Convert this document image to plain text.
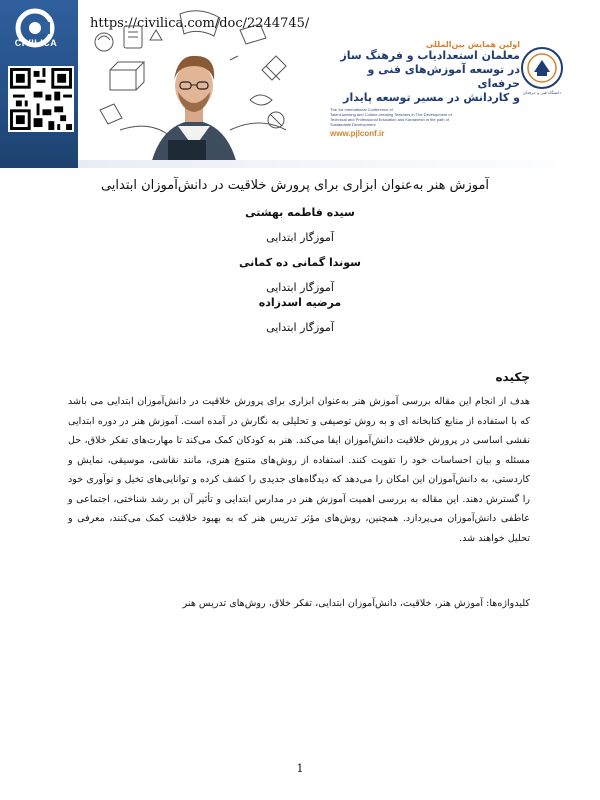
CIVILICA
https://civilica.com/doc/2244745/
اولین همایش بین‌المللی
معلمان استعدادیاب و فرهنگ ساز
در توسعه آموزش‌های فنی و حرفه‌ای
و کاردانش در مسیر توسعه پایدار
The 1st International Conference of
Talent-seeking and Culture-creating Teachers in The Development of
Technical and Professional Education and Kardanesh in the path of
Sustainable Development
www.pjlconf.ir
دانشگاه فنی و حرفه‌ای
آموزش هنر به‌عنوان ابزاری برای پرورش خلاقیت در دانش‌آموزان ابتدایی
سیده فاطمه بهشتی
آموزگار ابتدایی
سوندا گمانی ده کمانی
آموزگار ابتدایی
مرضیه اسدزاده
آموزگار ابتدایی
چکیده
هدف از انجام این مقاله بررسی آموزش هنر به‌عنوان ابزاری برای پرورش خلاقیت در دانش‌آموزان ابتدایی می باشد که با استفاده از منابع کتابخانه ای و به روش توصیفی و تحلیلی به نگارش در آمده است. آموزش هنر در دوره ابتدایی نقشی اساسی در پرورش خلاقیت دانش‌آموزان ایفا می‌کند. هنر به کودکان کمک می‌کند تا مهارت‌های تفکر خلاق، حل مسئله و بیان احساسات خود را تقویت کنند. استفاده از روش‌های متنوع هنری، مانند نقاشی، موسیقی، نمایش و کاردستی، به دانش‌آموزان این امکان را می‌دهد که دیدگاه‌های جدیدی را کشف کرده و توانایی‌های تخیل و نوآوری خود را گسترش دهند. این مقاله به بررسی اهمیت آموزش هنر در مدارس ابتدایی و تأثیر آن بر رشد شناختی، اجتماعی و عاطفی دانش‌آموزان می‌پردازد. همچنین، روش‌های مؤثر تدریس هنر که به بهبود خلاقیت کمک می‌کنند، معرفی و تحلیل خواهند شد.
کلیدواژه‌ها: آموزش هنر، خلاقیت، دانش‌آموزان ابتدایی، تفکر خلاق، روش‌های تدریس هنر
1
